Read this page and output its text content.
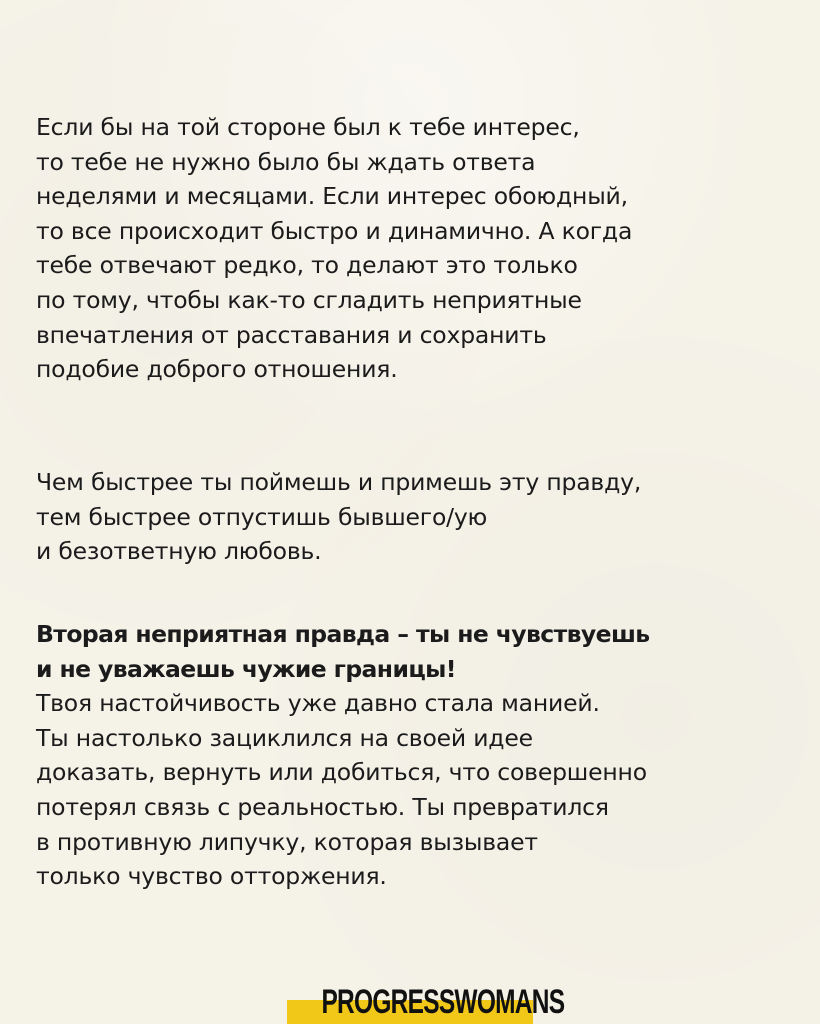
Если бы на той стороне был к тебе интерес,
то тебе не нужно было бы ждать ответа
неделями и месяцами. Если интерес обоюдный,
то все происходит быстро и динамично. А когда
тебе отвечают редко, то делают это только
по тому, чтобы как-то сгладить неприятные
впечатления от расставания и сохранить
подобие доброго отношения.
Чем быстрее ты поймешь и примешь эту правду,
тем быстрее отпустишь бывшего/ую
и безответную любовь.
Вторая неприятная правда – ты не чувствуешь
и не уважаешь чужие границы!
Твоя настойчивость уже давно стала манией.
Ты настолько зациклился на своей идее
доказать, вернуть или добиться, что совершенно
потерял связь с реальностью. Ты превратился
в противную липучку, которая вызывает
только чувство отторжения.
PROGRESSWOMANS
